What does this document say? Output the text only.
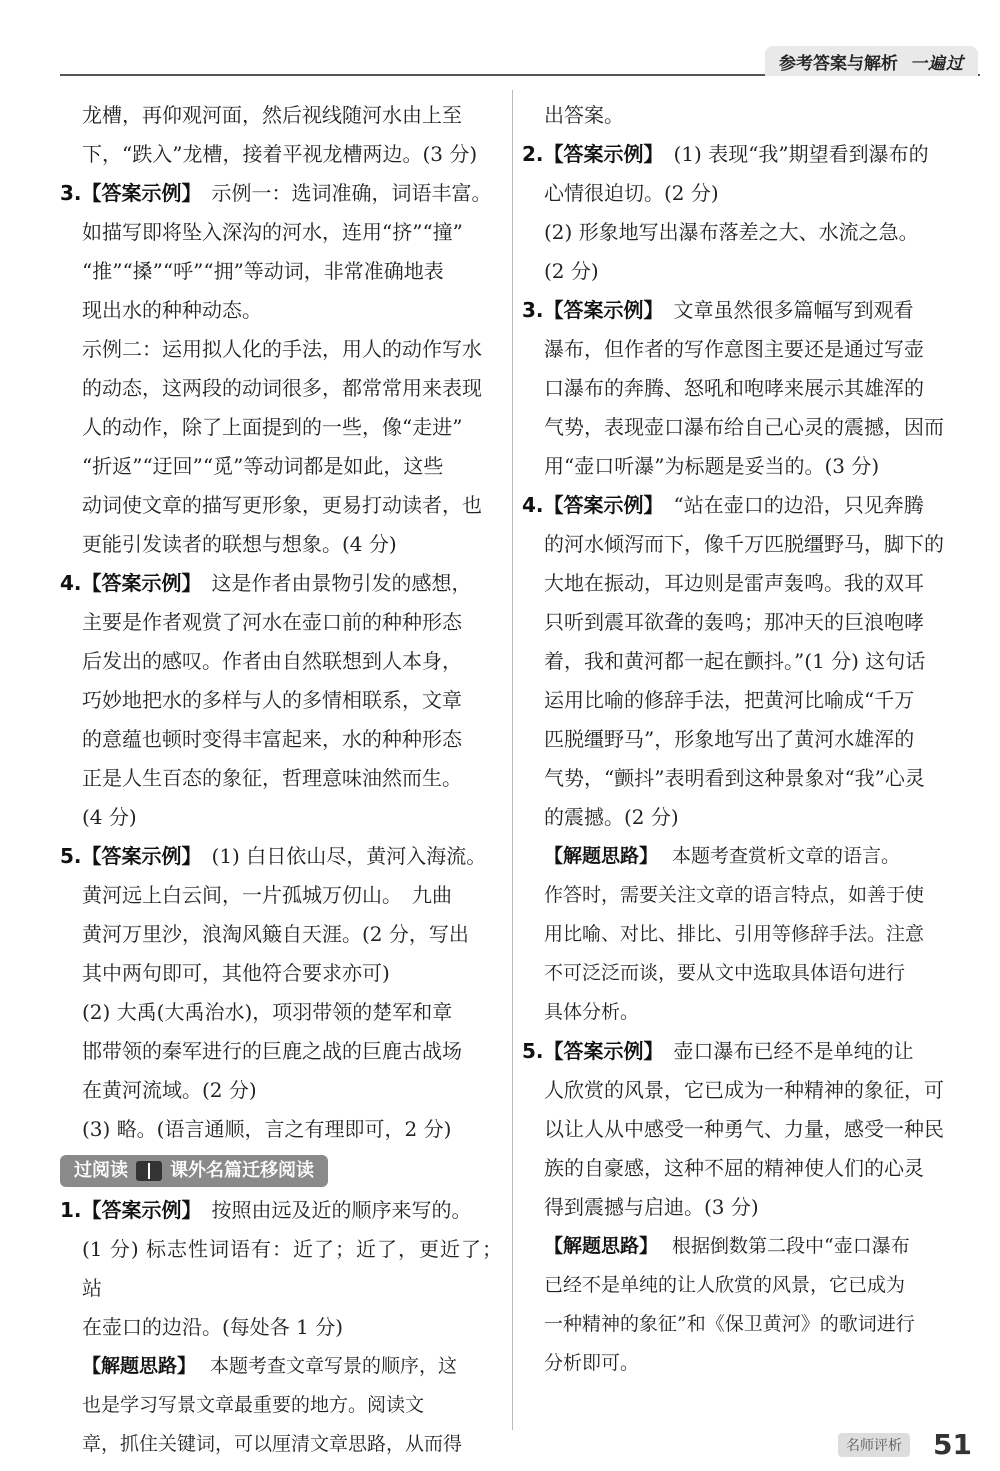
参考答案与解析 一遍过

龙槽，再仰观河面，然后视线随河水由上至
下，“跌入”龙槽，接着平视龙槽两边。(3 分)

3.【答案示例】 示例一：选词准确，词语丰富。

如描写即将坠入深沟的河水，连用“挤”“撞”
“推”“搡”“呼”“拥”等动词，非常准确地表
现出水的种种动态。

示例二：运用拟人化的手法，用人的动作写水
的动态，这两段的动词很多，都常常用来表现
人的动作，除了上面提到的一些，像“走进”
“折返”“迂回”“觅”等动词都是如此，这些
动词使文章的描写更形象，更易打动读者，也
更能引发读者的联想与想象。(4 分)

4.【答案示例】 这是作者由景物引发的感想，

主要是作者观赏了河水在壶口前的种种形态
后发出的感叹。作者由自然联想到人本身，
巧妙地把水的多样与人的多情相联系，文章
的意蕴也顿时变得丰富起来，水的种种形态
正是人生百态的象征，哲理意味油然而生。
(4 分)

5.【答案示例】 (1) 白日依山尽，黄河入海流。

黄河远上白云间，一片孤城万仞山。　九曲
黄河万里沙，浪淘风簸自天涯。(2 分，写出
其中两句即可，其他符合要求亦可)

(2) 大禹(大禹治水)，项羽带领的楚军和章
邯带领的秦军进行的巨鹿之战的巨鹿古战场
在黄河流域。(2 分)

(3) 略。(语言通顺，言之有理即可，2 分)

过阅读 课外名篇迁移阅读

1.【答案示例】 按照由远及近的顺序来写的。

(1 分) 标志性词语有：近了；近了，更近了；站
在壶口的边沿。(每处各 1 分)

【解题思路】 本题考查文章写景的顺序，这
也是学习写景文章最重要的地方。阅读文
章，抓住关键词，可以厘清文章思路，从而得

出答案。

2.【答案示例】 (1) 表现“我”期望看到瀑布的

心情很迫切。(2 分)
(2) 形象地写出瀑布落差之大、水流之急。
(2 分)

3.【答案示例】 文章虽然很多篇幅写到观看

瀑布，但作者的写作意图主要还是通过写壶
口瀑布的奔腾、怒吼和咆哮来展示其雄浑的
气势，表现壶口瀑布给自己心灵的震撼，因而
用“壶口听瀑”为标题是妥当的。(3 分)

4.【答案示例】 “站在壶口的边沿，只见奔腾

的河水倾泻而下，像千万匹脱缰野马，脚下的
大地在振动，耳边则是雷声轰鸣。我的双耳
只听到震耳欲聋的轰鸣；那冲天的巨浪咆哮
着，我和黄河都一起在颤抖。”(1 分) 这句话
运用比喻的修辞手法，把黄河比喻成“千万
匹脱缰野马”，形象地写出了黄河水雄浑的
气势，“颤抖”表明看到这种景象对“我”心灵
的震撼。(2 分)

【解题思路】 本题考查赏析文章的语言。
作答时，需要关注文章的语言特点，如善于使
用比喻、对比、排比、引用等修辞手法。注意
不可泛泛而谈，要从文中选取具体语句进行
具体分析。

5.【答案示例】 壶口瀑布已经不是单纯的让

人欣赏的风景，它已成为一种精神的象征，可
以让人从中感受一种勇气、力量，感受一种民
族的自豪感，这种不屈的精神使人们的心灵
得到震撼与启迪。(3 分)

【解题思路】 根据倒数第二段中“壶口瀑布
已经不是单纯的让人欣赏的风景，它已成为
一种精神的象征”和《保卫黄河》的歌词进行
分析即可。

名师评析 51
